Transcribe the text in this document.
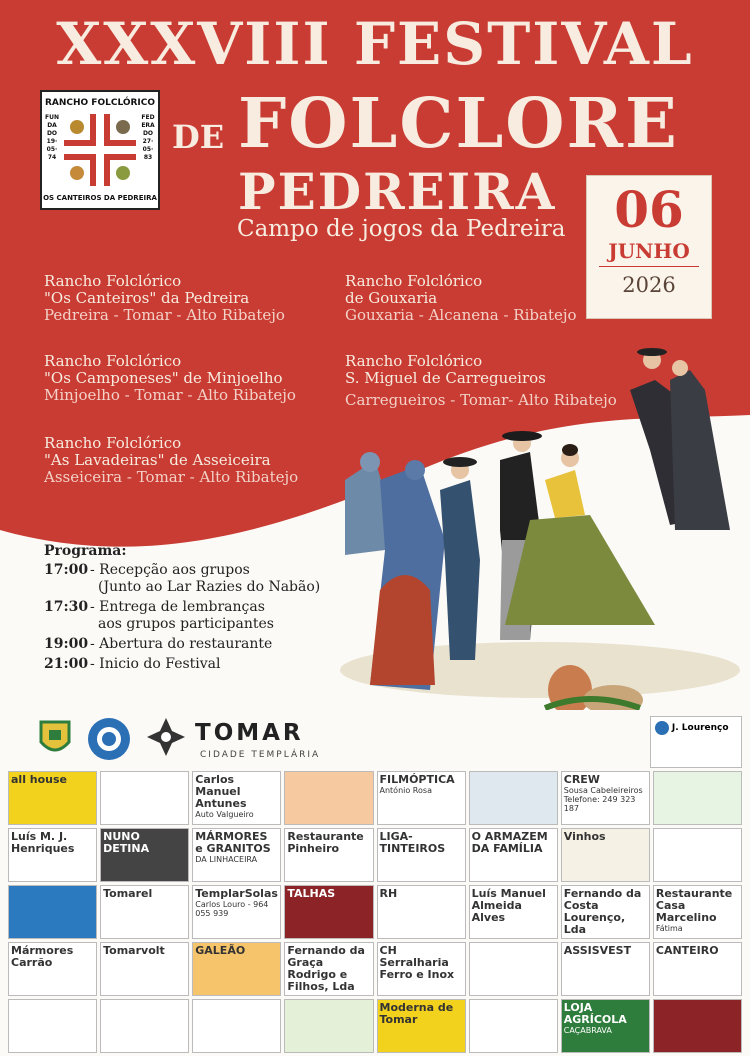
XXXVIII FESTIVAL
DE FOLCLORE
PEDREIRA
Campo de jogos da Pedreira
RANCHO FOLCLÓRICO
FUNDADO 19·05·74
FEDERADO 27·05·83
OS CANTEIROS DA PEDREIRA	06
JUNHO
2026
Rancho Folclórico
"Os Canteiros" da Pedreira
Pedreira - Tomar - Alto Ribatejo
Rancho Folclórico
de Gouxaria
Gouxaria - Alcanena - Ribatejo
Rancho Folclórico
"Os Camponeses" de Minjoelho
Minjoelho - Tomar - Alto Ribatejo
Rancho Folclórico
S. Miguel de Carregueiros
Carregueiros - Tomar- Alto Ribatejo
Rancho Folclórico
"As Lavadeiras" de Asseiceira
Asseiceira - Tomar - Alto Ribatejo
Programa:
17:00 - Recepção aos grupos
(Junto ao Lar Razies do Nabão)
17:30 - Entrega de lembranças
aos grupos participantes
19:00 - Abertura do restaurante
21:00 - Inicio do Festival
TOMAR
CIDADE TEMPLÁRIA
J. Lourenço
all house	Carlos Manuel Antunes
Auto Valgueiro
FILMÓPTICA
António Rosa
CREW
Sousa Cabeleireiros Telefone: 249 323 187
Luís M. J. Henriques
NUNO DETINA
MÁRMORES e GRANITOS
DA LINHACEIRA
Restaurante Pinheiro
LIGA-TINTEIROS
O ARMAZEM DA FAMÍLIA
Vinhos
Tomarel	TemplarSolas
Carlos Louro - 964 055 939
TALHAS	RH	Luís Manuel Almeida Alves
Fernando da Costa Lourenço, Lda
Restaurante Casa Marcelino
Fátima
Mármores Carrão
Tomarvolt	GALEÃO	Fernando da Graça Rodrigo e Filhos, Lda
CH Serralharia Ferro e Inox
ASSISVEST	CANTEIRO
Moderna de Tomar
LOJA AGRÍCOLA
CAÇABRAVA
